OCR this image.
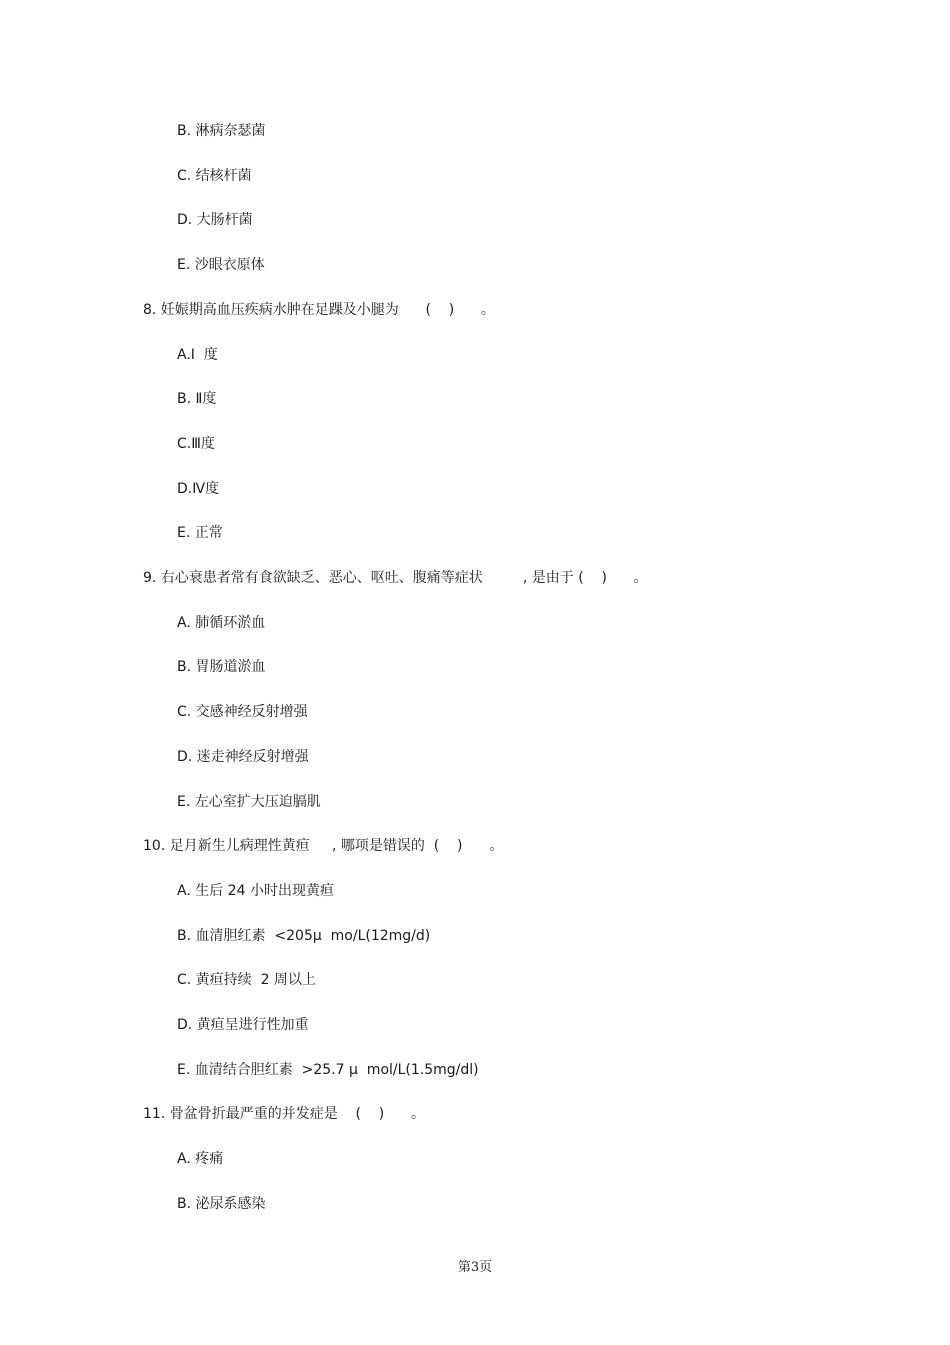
B. 淋病奈瑟菌
C. 结核杆菌
D. 大肠杆菌
E. 沙眼衣原体
8. 妊娠期高血压疾病水肿在足踝及小腿为      (    )      。
A.I  度
B. Ⅱ度
C.Ⅲ度
D.Ⅳ度
E. 正常
9. 右心衰患者常有食欲缺乏、恶心、呕吐、腹痛等症状         , 是由于 (    )      。
A. 肺循环淤血
B. 胃肠道淤血
C. 交感神经反射增强
D. 迷走神经反射增强
E. 左心室扩大压迫膈肌
10. 足月新生儿病理性黄疸     , 哪项是错误的  (    )      。
A. 生后 24 小时出现黄疸
B. 血清胆红素  <205μ  mo/L(12mg/d)
C. 黄疸持续  2 周以上
D. 黄疸呈进行性加重
E. 血清结合胆红素  >25.7 μ  mol/L(1.5mg/dl)
11. 骨盆骨折最严重的并发症是    (    )      。
A. 疼痛
B. 泌尿系感染
第3页
